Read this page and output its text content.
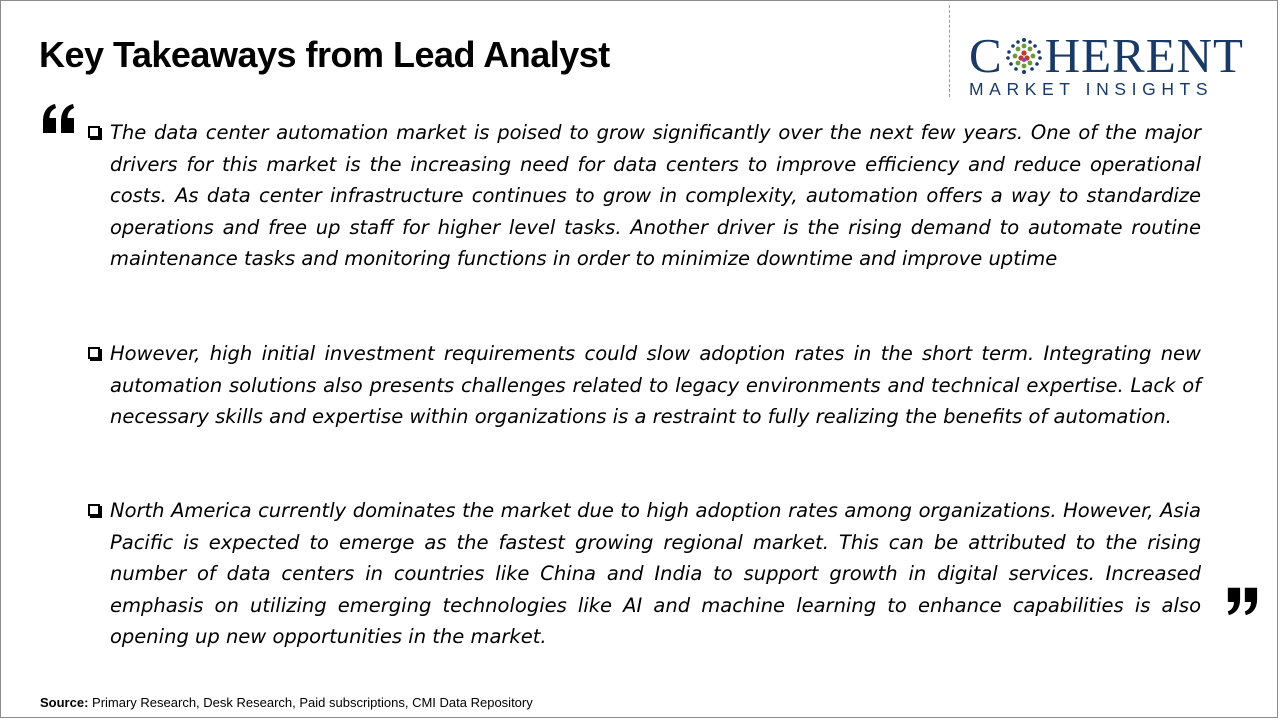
Key Takeaways from Lead Analyst	C HERENT
MARKET INSIGHTS
The data center automation market is poised to grow significantly over the next few years. One of the major drivers for this market is the increasing need for data centers to improve efficiency and reduce operational costs. As data center infrastructure continues to grow in complexity, automation offers a way to standardize operations and free up staff for higher level tasks. Another driver is the rising demand to automate routine maintenance tasks and monitoring functions in order to minimize downtime and improve uptime
However, high initial investment requirements could slow adoption rates in the short term. Integrating new automation solutions also presents challenges related to legacy environments and technical expertise. Lack of necessary skills and expertise within organizations is a restraint to fully realizing the benefits of automation.
North America currently dominates the market due to high adoption rates among organizations. However, Asia Pacific is expected to emerge as the fastest growing regional market. This can be attributed to the rising number of data centers in countries like China and India to support growth in digital services. Increased emphasis on utilizing emerging technologies like AI and machine learning to enhance capabilities is also opening up new opportunities in the market.
Source: Primary Research, Desk Research, Paid subscriptions, CMI Data Repository
